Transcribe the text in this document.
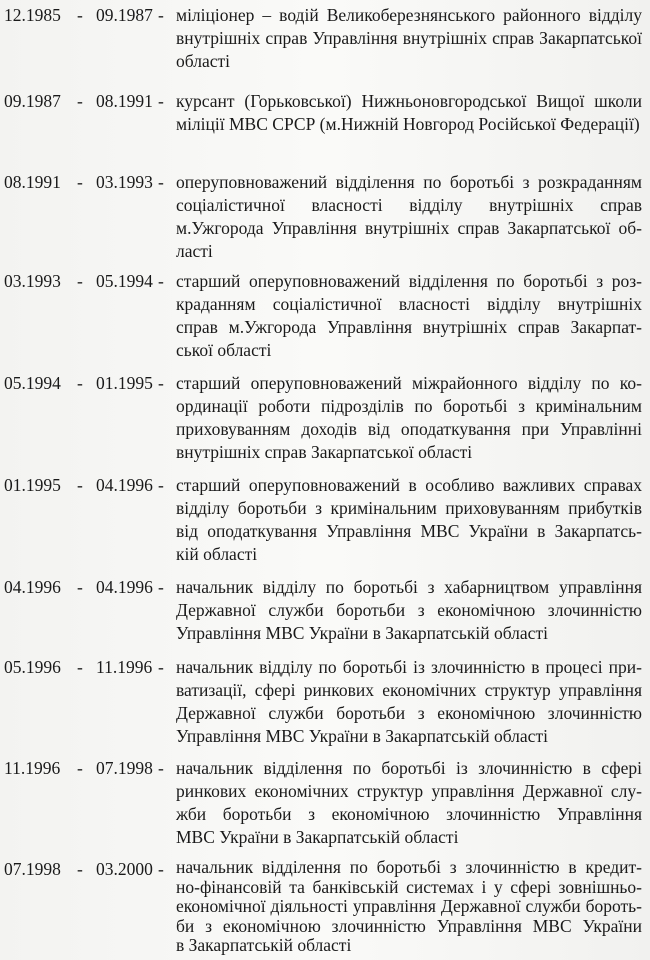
12.1985 - 09.1987 - міліціонер – водій Великоберезнянського районного відділу
внутрішніх справ Управління внутрішніх справ Закарпатської
області
09.1987 - 08.1991 - курсант (Горьковської) Нижньоновгородської Вищої школи
міліції МВС СРСР (м.Нижній Новгород Російської Федерації)
08.1991 - 03.1993 - оперуповноважений відділення по боротьбі з розкраданням
соціалістичної власності відділу внутрішніх справ
м.Ужгорода Управління внутрішніх справ Закарпатської об-
ласті
03.1993 - 05.1994 - старший оперуповноважений відділення по боротьбі з роз-
краданням соціалістичної власності відділу внутрішніх
справ м.Ужгорода Управління внутрішніх справ Закарпат-
ської області
05.1994 - 01.1995 - старший оперуповноважений міжрайонного відділу по ко-
ординації роботи підрозділів по боротьбі з кримінальним
приховуванням доходів від оподаткування при Управлінні
внутрішніх справ Закарпатської області
01.1995 - 04.1996 - старший оперуповноважений в особливо важливих справах
відділу боротьби з кримінальним приховуванням прибутків
від оподаткування Управління МВС України в Закарпатсь-
кій області
04.1996 - 04.1996 - начальник відділу по боротьбі з хабарництвом управління
Державної служби боротьби з економічною злочинністю
Управління МВС України в Закарпатській області
05.1996 - 11.1996 - начальник відділу по боротьбі із злочинністю в процесі при-
ватизації, сфері ринкових економічних структур управління
Державної служби боротьби з економічною злочинністю
Управління МВС України в Закарпатській області
11.1996 - 07.1998 - начальник відділення по боротьбі із злочинністю в сфері
ринкових економічних структур управління Державної слу-
жби боротьби з економічною злочинністю Управління
МВС України в Закарпатській області
07.1998 - 03.2000 - начальник відділення по боротьбі з злочинністю в кредит-
но-фінансовій та банківській системах і у сфері зовнішньо-
економічної діяльності управління Державної служби бороть-
би з економічною злочинністю Управління МВС України
в Закарпатській області
